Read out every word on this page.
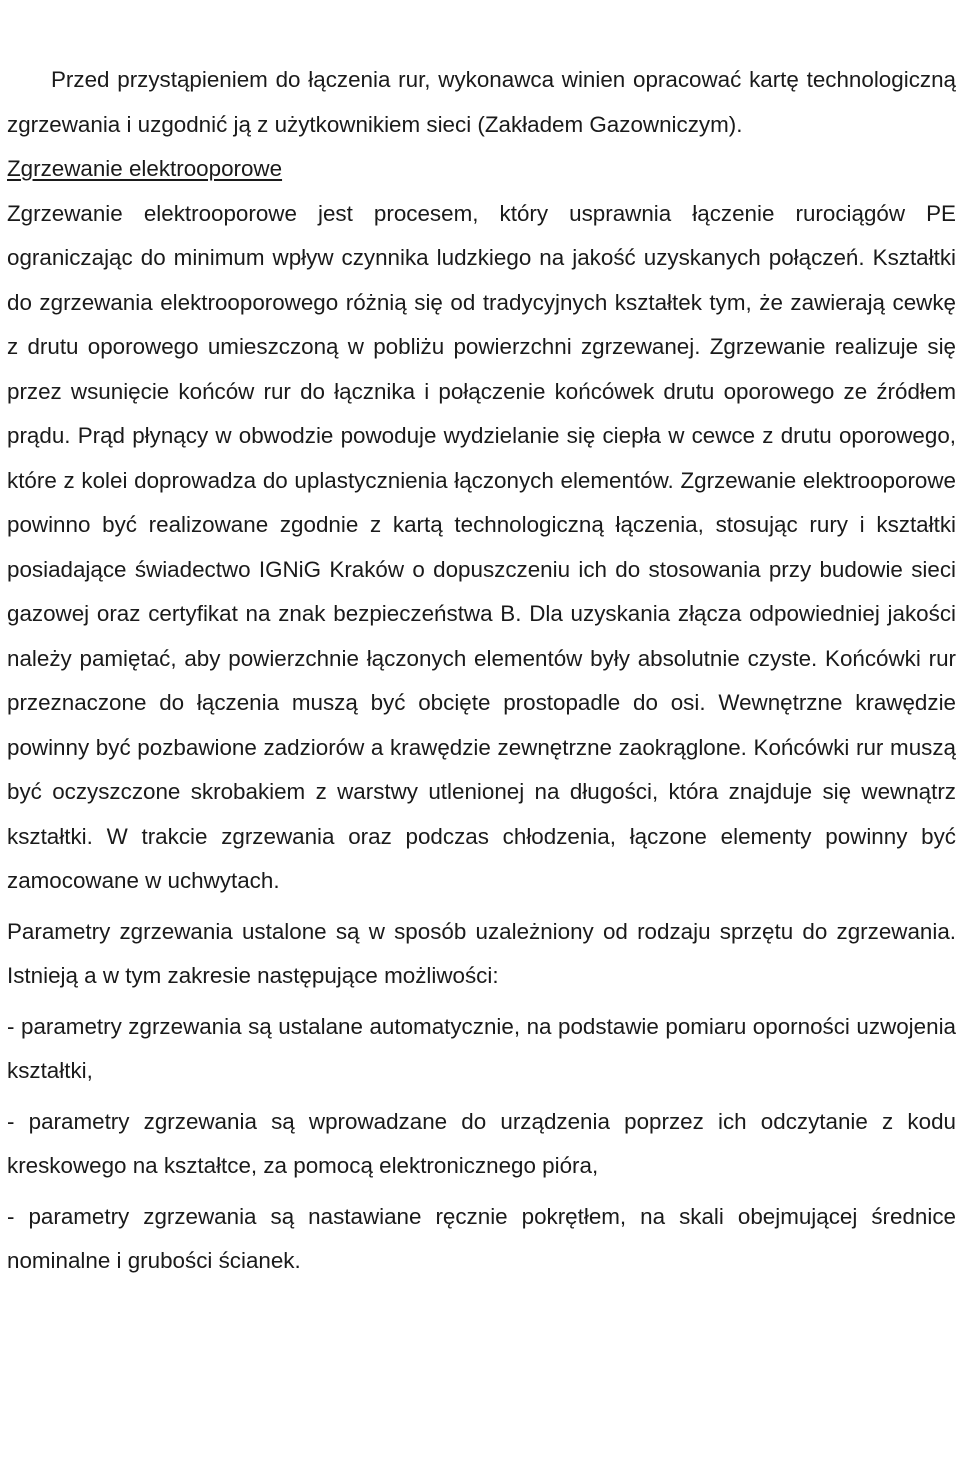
Przed przystąpieniem do łączenia rur, wykonawca winien opracować kartę technologiczną zgrzewania i uzgodnić ją z użytkownikiem sieci (Zakładem Gazowniczym).

Zgrzewanie elektrooporowe

Zgrzewanie elektrooporowe jest procesem, który usprawnia łączenie rurociągów PE ograniczając do minimum wpływ czynnika ludzkiego na jakość uzyskanych połączeń. Kształtki do zgrzewania elektrooporowego różnią się od tradycyjnych kształtek tym, że zawierają cewkę z drutu oporowego umieszczoną w pobliżu powierzchni zgrzewanej. Zgrzewanie realizuje się przez wsunięcie końców rur do łącznika i połączenie końcówek drutu oporowego ze źródłem prądu. Prąd płynący w obwodzie powoduje wydzielanie się ciepła w cewce z drutu oporowego, które z kolei doprowadza do uplastycznienia łączonych elementów. Zgrzewanie elektrooporowe powinno być realizowane zgodnie z kartą technologiczną łączenia, stosując rury i kształtki posiadające świadectwo IGNiG Kraków o dopuszczeniu ich do stosowania przy budowie sieci gazowej oraz certyfikat na znak bezpieczeństwa B. Dla uzyskania złącza odpowiedniej jakości należy pamiętać, aby powierzchnie łączonych elementów były absolutnie czyste. Końcówki rur przeznaczone do łączenia muszą być obcięte prostopadle do osi. Wewnętrzne krawędzie powinny być pozbawione zadziorów a krawędzie zewnętrzne zaokrąglone. Końcówki rur muszą być oczyszczone skrobakiem z warstwy utlenionej na długości, która znajduje się wewnątrz kształtki. W trakcie zgrzewania oraz podczas chłodzenia, łączone elementy powinny być zamocowane w uchwytach.

Parametry zgrzewania ustalone są w sposób uzależniony od rodzaju sprzętu do zgrzewania. Istnieją a w tym zakresie następujące możliwości:

- parametry zgrzewania są ustalane automatycznie, na podstawie pomiaru oporności uzwojenia kształtki,

- parametry zgrzewania są wprowadzane do urządzenia poprzez ich odczytanie z kodu kreskowego na kształtce, za pomocą elektronicznego pióra,

- parametry zgrzewania są nastawiane ręcznie pokrętłem, na skali obejmującej średnice nominalne i grubości ścianek.
